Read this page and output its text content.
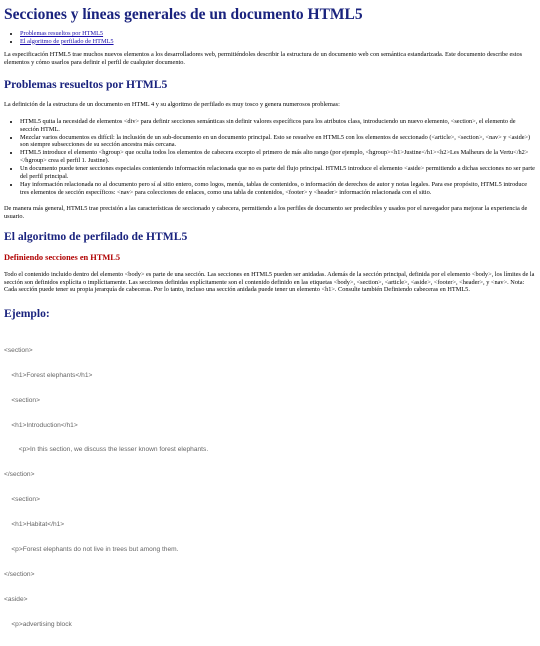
Secciones y líneas generales de un documento HTML5
• Problemas resueltos por HTML5
• El algoritmo de perfilado de HTML5

La especificación HTML5 trae muchos nuevos elementos a los desarrolladores web, permitiéndoles describir la estructura de un documento web con semántica estandarizada. Este documento describe estos elementos y cómo usarlos para definir el perfil de cualquier documento.

Problemas resueltos por HTML5

La definición de la estructura de un documento en HTML 4 y su algoritmo de perfilado es muy tosco y genera numerosos problemas:

• HTML5 quita la necesidad de elementos <div> para definir secciones semánticas sin definir valores específicos para los atributos class, introduciendo un nuevo elemento, <section>, el elemento de sección HTML.
• Mezclar varios documentos es difícil: la inclusión de un sub-documento en un documento principal. Esto se resuelve en HTML5 con los elementos de seccionado (<article>, <section>, <nav> y <aside>) son siempre subsecciones de su sección ancestra más cercana.
• HTML5 introduce el elemento <hgroup> que oculta todos los elementos de cabecera excepto el primero de más alto rango (por ejemplo, <hgroup><h1>Justine</h1><h2>Les Malheurs de la Vertu</h2></hgroup> crea el perfil 1. Justine).
• Un documento puede tener secciones especiales conteniendo información relacionada que no es parte del flujo principal. HTML5 introduce el elemento <aside> permitiendo a dichas secciones no ser parte del perfil principal.
• Hay información relacionada no al documento pero sí al sitio entero, como logos, menús, tablas de contenidos, o información de derechos de autor y notas legales. Para ese propósito, HTML5 introduce tres elementos de sección específicos: <nav> para colecciones de enlaces, como una tabla de contenidos, <footer> y <header> información relacionada con el sitio.

De manera más general, HTML5 trae precisión a las características de seccionado y cabecera, permitiendo a los perfiles de documento ser predecibles y usados por el navegador para mejorar la experiencia de usuario.

El algoritmo de perfilado de HTML5
Definiendo secciones en HTML5

Todo el contenido incluido dentro del elemento <body> es parte de una sección. Las secciones en HTML5 pueden ser anidadas. Además de la sección principal, definida por el elemento <body>, los límites de la sección son definidos explícita o implícitamente. Las secciones definidas explícitamente son el contenido definido en las etiquetas <body>, <section>, <article>, <aside>, <footer>, <header>, y <nav>. Nota: Cada sección puede tener su propia jerarquía de cabeceras. Por lo tanto, incluso una sección anidada puede tener un elemento <h1>. Consulte también Definiendo cabeceras en HTML5.

Ejemplo:

<section>

<h1>Forest elephants</h1>

<section>

<h1>Introduction</h1>

<p>In this section, we discuss the lesser known forest elephants.

</section>

<section>

<h1>Habitat</h1>

<p>Forest elephants do not live in trees but among them.

</section>

<aside>

<p>advertising block
